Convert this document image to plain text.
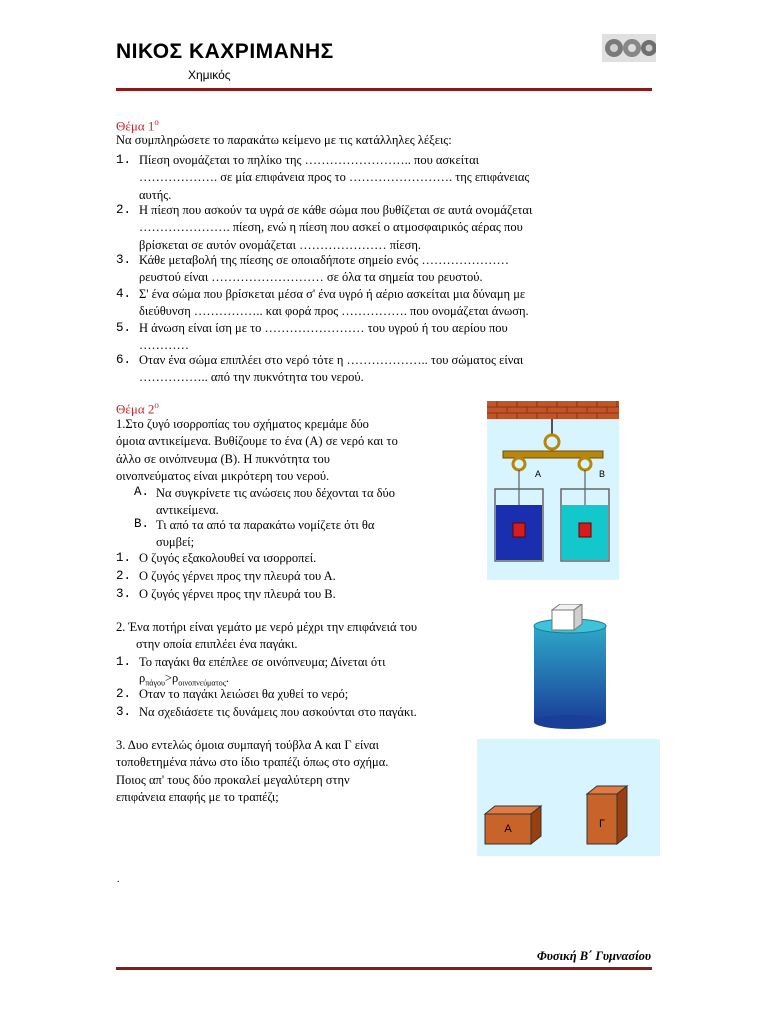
ΝΙΚΟΣ ΚΑΧΡΙΜΑΝΗΣ
Χημικός
Θέμα $1^o$
Να συμπληρώσετε το παρακάτω κείμενο με τις κατάλληλες λέξεις:
1. Πίεση ονομάζεται το πηλίκο της …………………….. που ασκείται
………………. σε μία επιφάνεια προς το ……………………. της επιφάνειας
αυτής.
2. Η πίεση που ασκούν τα υγρά σε κάθε σώμα που βυθίζεται σε αυτά ονομάζεται
…………………. πίεση, ενώ η πίεση που ασκεί ο ατμοσφαιρικός αέρας που
βρίσκεται σε αυτόν ονομάζεται ………………… πίεση.
3. Κάθε μεταβολή της πίεσης σε οποιαδήποτε σημείο ενός …………………
ρευστού είναι ……………………… σε όλα τα σημεία του ρευστού.
4. Σ' ένα σώμα που βρίσκεται μέσα σ' ένα υγρό ή αέριο ασκείται μια δύναμη με
διεύθυνση …………….. και φορά προς ……………. που ονομάζεται άνωση.
5. Η άνωση είναι ίση με το …………………… του υγρού ή του αερίου που
…………
6. Οταν ένα σώμα επιπλέει στο νερό τότε η ……………….. του σώματος είναι
…………….. από την πυκνότητα του νερού.
Θέμα $2^o$
1.Στο ζυγό ισορροπίας του σχήματος κρεμάμε δύο
όμοια αντικείμενα. Βυθίζουμε το ένα (Α) σε νερό και το
άλλο σε οινόπνευμα (Β). Η πυκνότητα του
οινοπνεύματος είναι μικρότερη του νερού.
A. Να συγκρίνετε τις ανώσεις που δέχονται τα δύο
αντικείμενα.
B. Τι από τα από τα παρακάτω νομίζετε ότι θα
συμβεί;
1. Ο ζυγός εξακολουθεί να ισορροπεί.
2. Ο ζυγός γέρνει προς την πλευρά του Α.
3. Ο ζυγός γέρνει προς την πλευρά του Β.
A	B
2. Ένα ποτήρι είναι γεμάτο με νερό μέχρι την επιφάνειά του
στην οποία επιπλέει ένα παγάκι.
1. Το παγάκι θα επέπλεε σε οινόπνευμα; Δίνεται ότι
$\rho_{\pi ά\gamma o\upsilon}>\rho_{o\iota\nu o\pi\nu\varepsilon ύ\mu\alpha\tau o\varsigma}$.
2. Οταν το παγάκι λειώσει θα χυθεί το νερό;
3. Να σχεδιάσετε τις δυνάμεις που ασκούνται στο παγάκι.
3. Δυο εντελώς όμοια συμπαγή τούβλα Α και Γ είναι
τοποθετημένα πάνω στο ίδιο τραπέζι όπως στο σχήμα.
Ποιος απ' τους δύο προκαλεί μεγαλύτερη στην
επιφάνεια επαφής με το τραπέζι;
Α	Γ
.
Φυσική Β΄ Γυμνασίου
